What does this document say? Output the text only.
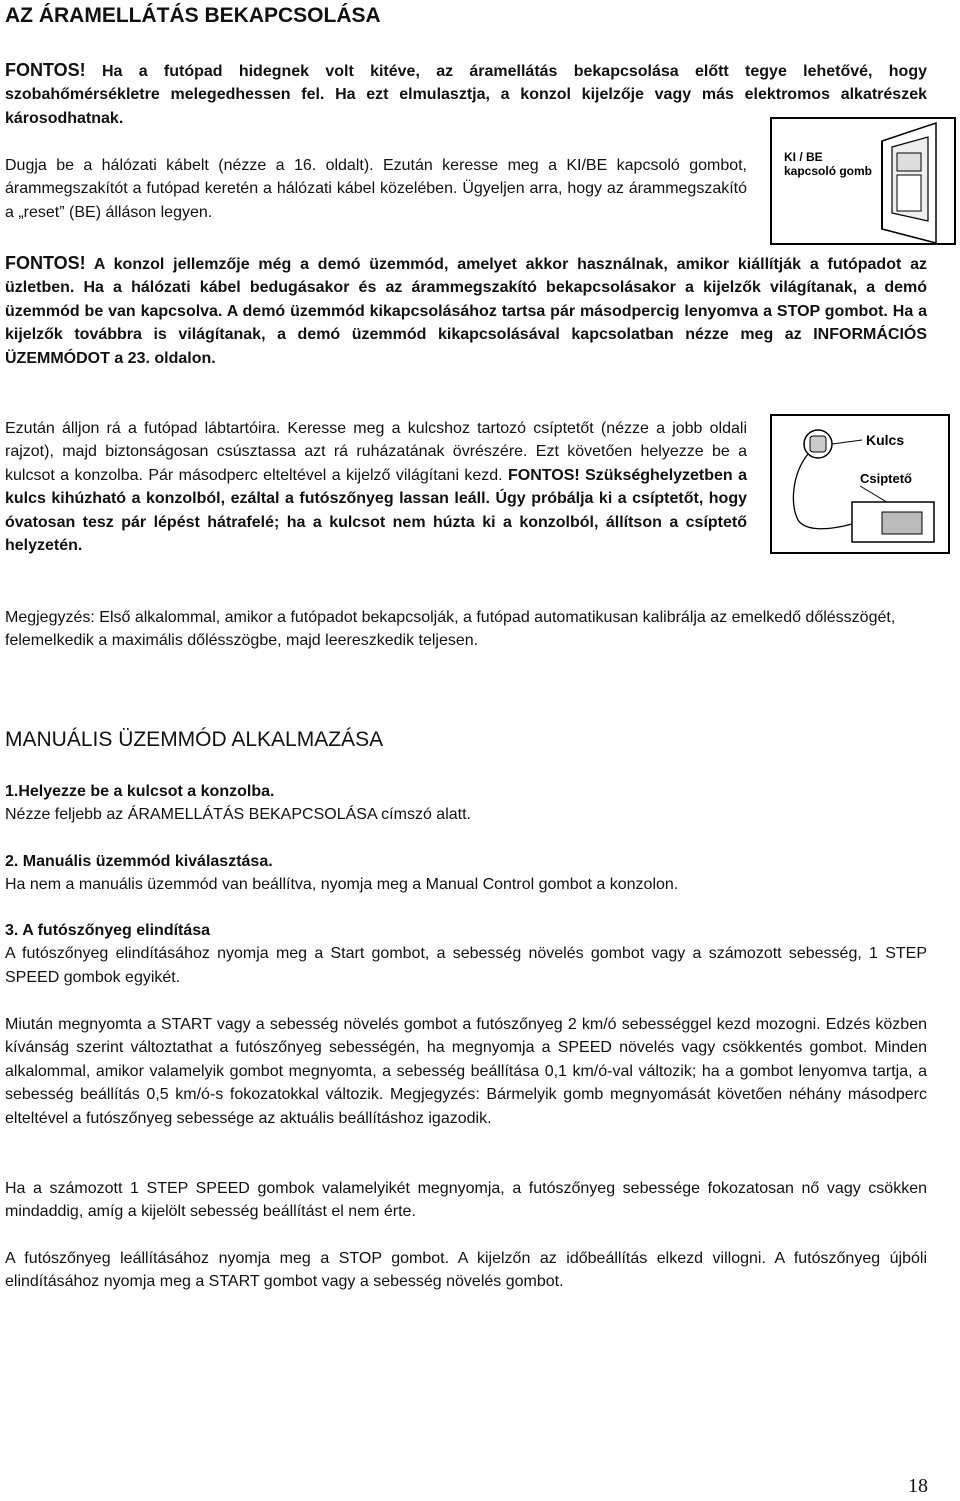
AZ ÁRAMELLÁTÁS BEKAPCSOLÁSA

FONTOS! Ha a futópad hidegnek volt kitéve, az áramellátás bekapcsolása előtt tegye lehetővé, hogy szobahőmérsékletre melegedhessen fel. Ha ezt elmulasztja, a konzol kijelzője vagy más elektromos alkatrészek károsodhatnak.

Dugja be a hálózati kábelt (nézze a 16. oldalt). Ezután keresse meg a KI/BE kapcsoló gombot, árammegszakítót a futópad keretén a hálózati kábel közelében. Ügyeljen arra, hogy az árammegszakító a „reset” (BE) álláson legyen.

KI / BE
kapcsoló gomb

FONTOS! A konzol jellemzője még a demó üzemmód, amelyet akkor használnak, amikor kiállítják a futópadot az üzletben. Ha a hálózati kábel bedugásakor és az árammegszakító bekapcsolásakor a kijelzők világítanak, a demó üzemmód be van kapcsolva. A demó üzemmód kikapcsolásához tartsa pár másodpercig lenyomva a STOP gombot. Ha a kijelzők továbbra is világítanak, a demó üzemmód kikapcsolásával kapcsolatban nézze meg az INFORMÁCIÓS ÜZEMMÓDOT a 23. oldalon.

Ezután álljon rá a futópad lábtartóira. Keresse meg a kulcshoz tartozó csíptetőt (nézze a jobb oldali rajzot), majd biztonságosan csúsztassa azt rá ruházatának övrészére. Ezt követően helyezze be a kulcsot a konzolba. Pár másodperc elteltével a kijelző világítani kezd. FONTOS! Szükséghelyzetben a kulcs kihúzható a konzolból, ezáltal a futószőnyeg lassan leáll. Úgy próbálja ki a csíptetőt, hogy óvatosan tesz pár lépést hátrafelé; ha a kulcsot nem húzta ki a konzolból, állítson a csíptető helyzetén.

Kulcs
Csiptető

Megjegyzés: Első alkalommal, amikor a futópadot bekapcsolják, a futópad automatikusan kalibrálja az emelkedő dőlésszögét, felemelkedik a maximális dőlésszögbe, majd leereszkedik teljesen.

MANUÁLIS ÜZEMMÓD ALKALMAZÁSA

1.Helyezze be a kulcsot a konzolba.

Nézze feljebb az ÁRAMELLÁTÁS BEKAPCSOLÁSA címszó alatt.

2. Manuális üzemmód kiválasztása.

Ha nem a manuális üzemmód van beállítva, nyomja meg a Manual Control gombot a konzolon.

3. A futószőnyeg elindítása

A futószőnyeg elindításához nyomja meg a Start gombot, a sebesség növelés gombot vagy a számozott sebesség, 1 STEP SPEED gombok egyikét.

Miután megnyomta a START vagy a sebesség növelés gombot a futószőnyeg 2 km/ó sebességgel kezd mozogni. Edzés közben kívánság szerint változtathat a futószőnyeg sebességén, ha megnyomja a SPEED növelés vagy csökkentés gombot. Minden alkalommal, amikor valamelyik gombot megnyomta, a sebesség beállítása 0,1 km/ó-val változik; ha a gombot lenyomva tartja, a sebesség beállítás 0,5 km/ó-s fokozatokkal változik. Megjegyzés: Bármelyik gomb megnyomását követően néhány másodperc elteltével a futószőnyeg sebessége az aktuális beállításhoz igazodik.

Ha a számozott 1 STEP SPEED gombok valamelyikét megnyomja, a futószőnyeg sebessége fokozatosan nő vagy csökken mindaddig, amíg a kijelölt sebesség beállítást el nem érte.

A futószőnyeg leállításához nyomja meg a STOP gombot. A kijelzőn az időbeállítás elkezd villogni. A futószőnyeg újbóli elindításához nyomja meg a START gombot vagy a sebesség növelés gombot.

18
